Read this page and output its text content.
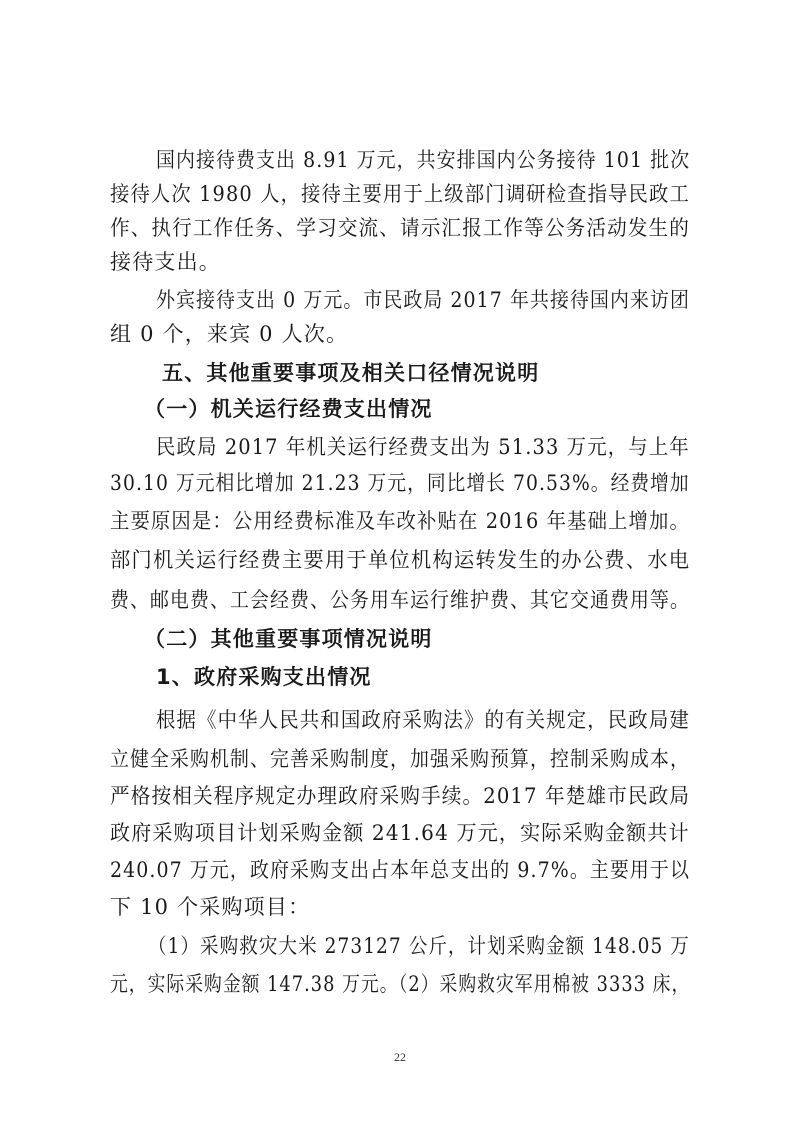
国内接待费支出 8.91 万元，共安排国内公务接待 101 批次
接待人次 1980 人，接待主要用于上级部门调研检查指导民政工
作、执行工作任务、学习交流、请示汇报工作等公务活动发生的
接待支出。
外宾接待支出 0 万元。市民政局 2017 年共接待国内来访团
组 0 个，来宾 0 人次。
五、其他重要事项及相关口径情况说明
（一）机关运行经费支出情况
民政局 2017 年机关运行经费支出为 51.33 万元，与上年
30.10 万元相比增加 21.23 万元，同比增长 70.53%。经费增加
主要原因是：公用经费标准及车改补贴在 2016 年基础上增加。
部门机关运行经费主要用于单位机构运转发生的办公费、水电
费、邮电费、工会经费、公务用车运行维护费、其它交通费用等。
（二）其他重要事项情况说明
1、政府采购支出情况
根据《中华人民共和国政府采购法》的有关规定，民政局建
立健全采购机制、完善采购制度，加强采购预算，控制采购成本，
严格按相关程序规定办理政府采购手续。2017 年楚雄市民政局
政府采购项目计划采购金额 241.64 万元，实际采购金额共计
240.07 万元，政府采购支出占本年总支出的 9.7%。主要用于以
下 10 个采购项目：
（1）采购救灾大米 273127 公斤，计划采购金额 148.05 万
元，实际采购金额 147.38 万元。（2）采购救灾军用棉被 3333 床，
22
